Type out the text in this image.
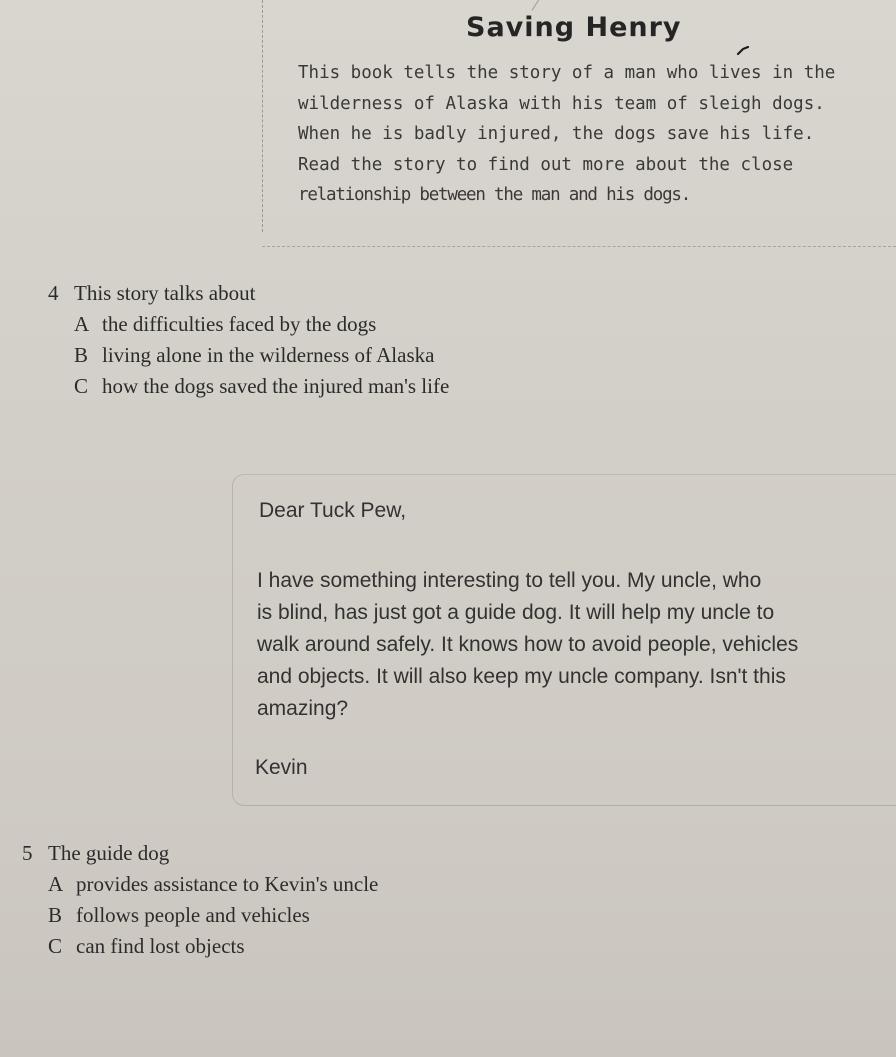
Saving Henry

This book tells the story of a man who lives in the
wilderness of Alaska with his team of sleigh dogs.
When he is badly injured, the dogs save his life.
Read the story to find out more about the close
relationship between the man and his dogs.

4 This story talks about
A the difficulties faced by the dogs
B living alone in the wilderness of Alaska
C how the dogs saved the injured man's life
Dear Tuck Pew,
I have something interesting to tell you. My uncle, who
is blind, has just got a guide dog. It will help my uncle to
walk around safely. It knows how to avoid people, vehicles
and objects. It will also keep my uncle company. Isn't this
amazing?
Kevin
5 The guide dog
A provides assistance to Kevin's uncle
B follows people and vehicles
C can find lost objects
